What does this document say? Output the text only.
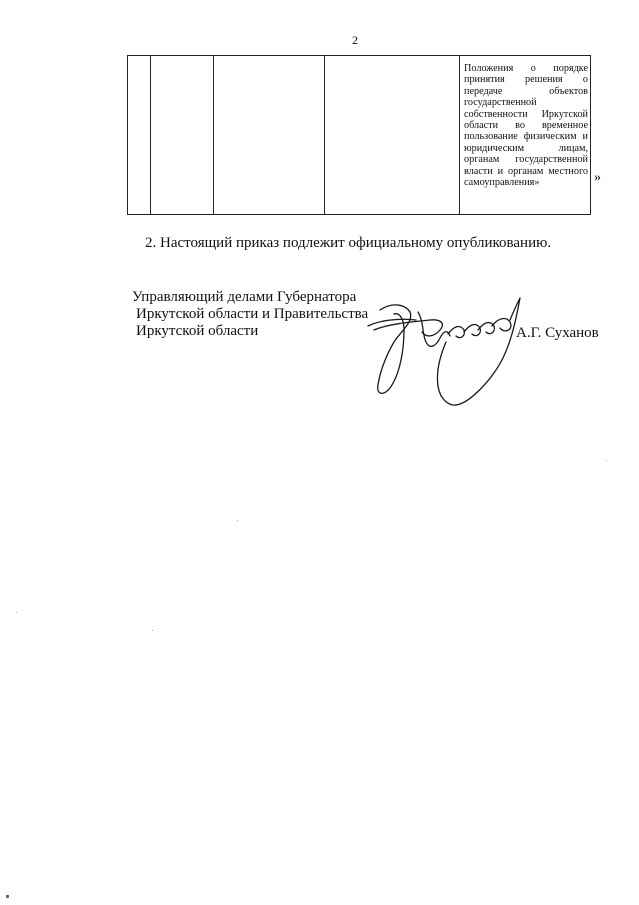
2
Положения о порядке принятия решения о передаче объектов государственной собственности Иркутской области во временное пользование физическим и юридическим лицам, органам государственной власти и органам местного самоуправления»	»
2. Настоящий приказ подлежит официальному опубликованию.
Управляющий делами Губернатора
Иркутской области и Правительства
Иркутской области	А.Г. Суханов
